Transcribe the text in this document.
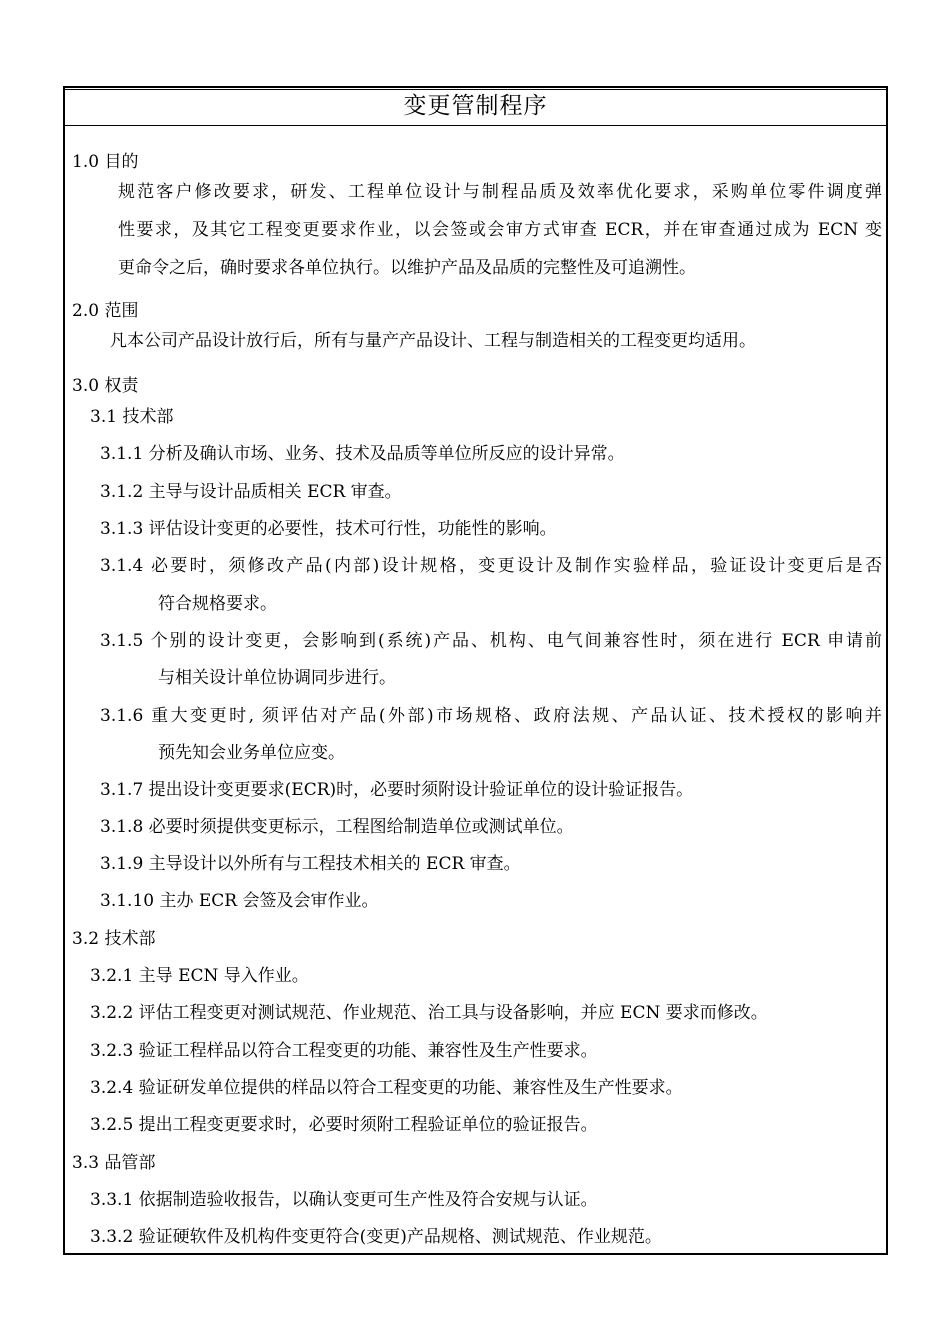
变更管制程序
1.0 目的
规范客户修改要求，研发、工程单位设计与制程品质及效率优化要求，采购单位零件调度弹
性要求，及其它工程变更要求作业，以会签或会审方式审查 ECR，并在审查通过成为 ECN 变
更命令之后，确时要求各单位执行。以维护产品及品质的完整性及可追溯性。
2.0 范围
凡本公司产品设计放行后，所有与量产产品设计、工程与制造相关的工程变更均适用。
3.0 权责
3.1 技术部
3.1.1 分析及确认市场、业务、技术及品质等单位所反应的设计异常。
3.1.2 主导与设计品质相关 ECR 审查。
3.1.3 评估设计变更的必要性，技术可行性，功能性的影响。
3.1.4 必要时，须修改产品(内部)设计规格，变更设计及制作实验样品，验证设计变更后是否
符合规格要求。
3.1.5 个别的设计变更，会影响到(系统)产品、机构、电气间兼容性时，须在进行 ECR 申请前
与相关设计单位协调同步进行。
3.1.6 重大变更时, 须评估对产品(外部)市场规格、政府法规、产品认证、技术授权的影响并
预先知会业务单位应变。
3.1.7 提出设计变更要求(ECR)时，必要时须附设计验证单位的设计验证报告。
3.1.8 必要时须提供变更标示，工程图给制造单位或测试单位。
3.1.9 主导设计以外所有与工程技术相关的 ECR 审查。
3.1.10 主办 ECR 会签及会审作业。
3.2 技术部
3.2.1 主导 ECN 导入作业。
3.2.2 评估工程变更对测试规范、作业规范、治工具与设备影响，并应 ECN 要求而修改。
3.2.3 验证工程样品以符合工程变更的功能、兼容性及生产性要求。
3.2.4 验证研发单位提供的样品以符合工程变更的功能、兼容性及生产性要求。
3.2.5 提出工程变更要求时，必要时须附工程验证单位的验证报告。
3.3 品管部
3.3.1 依据制造验收报告，以确认变更可生产性及符合安规与认证。
3.3.2 验证硬软件及机构件变更符合(变更)产品规格、测试规范、作业规范。
